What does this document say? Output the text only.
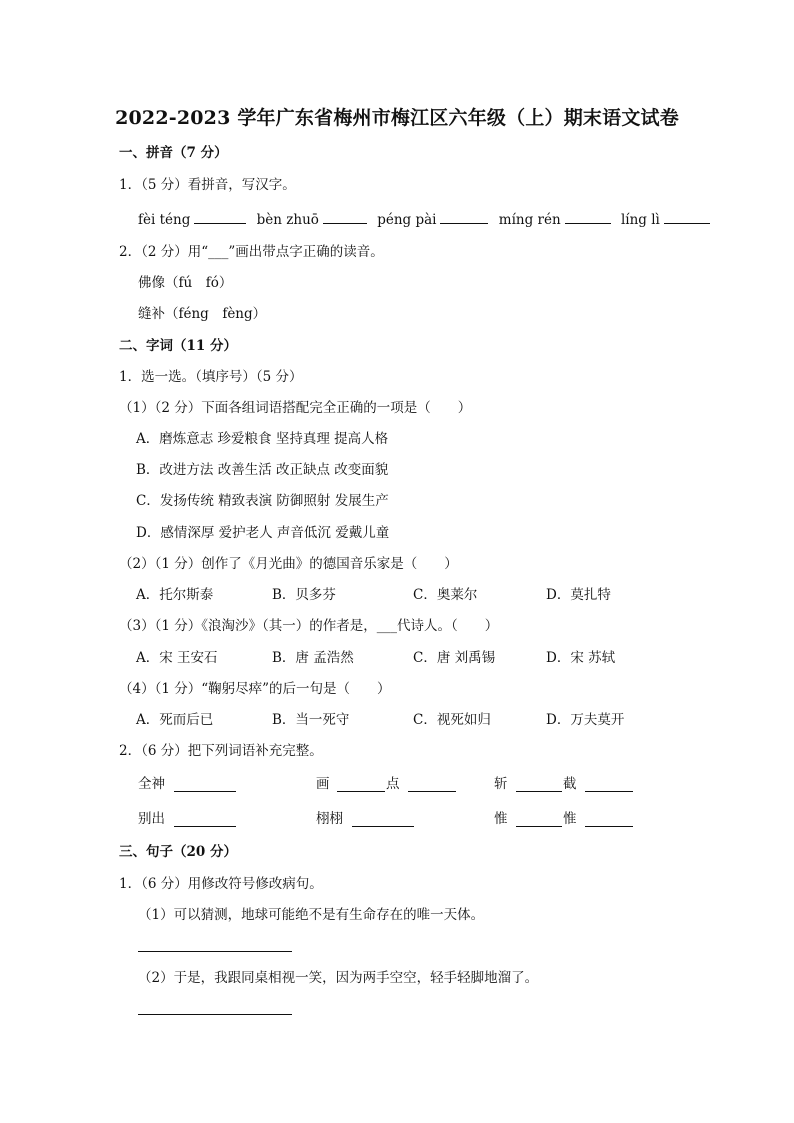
2022-2023 学年广东省梅州市梅江区六年级（上）期末语文试卷
一、拼音（7 分）
1．（5 分）看拼音，写汉字。
fèi téng	bèn zhuō	péng pài	míng rén	líng lì
2．（2 分）用“___”画出带点字正确的读音。
佛像（fú　fó）
缝补（féng　fèng）
二、字词（11 分）
1．选一选。（填序号）（5 分）
（1）（2 分）下面各组词语搭配完全正确的一项是（　　）
A．磨炼意志 珍爱粮食 坚持真理 提高人格
B．改进方法 改善生活 改正缺点 改变面貌
C．发扬传统 精致表演 防御照射 发展生产
D．感情深厚 爱护老人 声音低沉 爱戴儿童
（2）（1 分）创作了《月光曲》的德国音乐家是（　　）
A．托尔斯泰	B．贝多芬	C．奥莱尔	D．莫扎特
（3）（1 分）《浪淘沙》（其一）的作者是，___代诗人。（　　）
A．宋 王安石	B．唐 孟浩然	C．唐 刘禹锡	D．宋 苏轼
（4）（1 分）“鞠躬尽瘁”的后一句是（　　）
A．死而后已	B．当一死守	C．视死如归	D．万夫莫开
2．（6 分）把下列词语补充完整。
全神	画	点	斩	截
别出	栩栩	惟	惟
三、句子（20 分）
1．（6 分）用修改符号修改病句。
（1）可以猜测，地球可能绝不是有生命存在的唯一天体。
（2）于是，我跟同桌相视一笑，因为两手空空，轻手轻脚地溜了。
